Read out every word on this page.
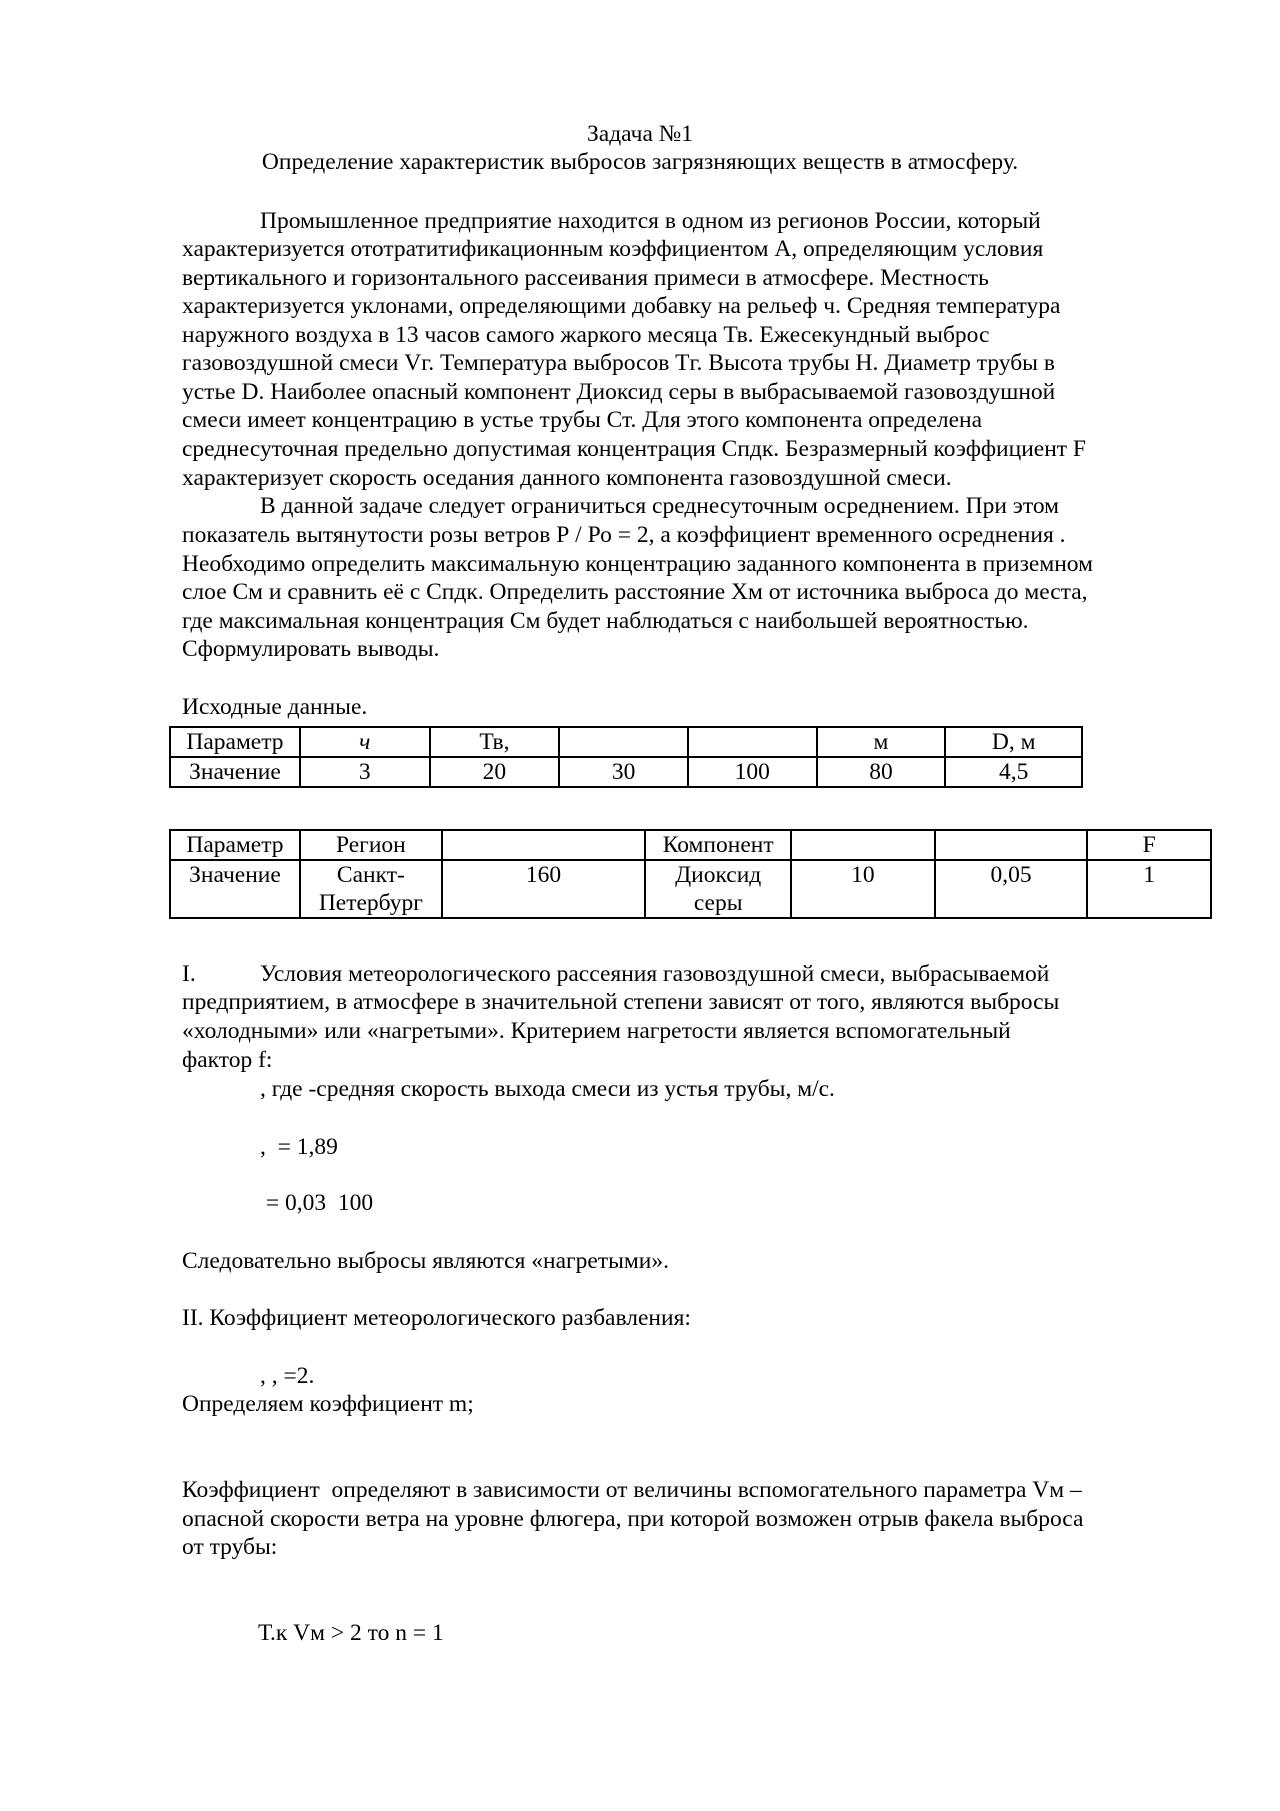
Задача №1
Определение характеристик выбросов загрязняющих веществ в атмосферу.
Промышленное предприятие находится в одном из регионов России, который
характеризуется ототратитификационным коэффициентом А, определяющим условия
вертикального и горизонтального рассеивания примеси в атмосфере. Местность
характеризуется уклонами, определяющими добавку на рельеф ч. Средняя температура
наружного воздуха в 13 часов самого жаркого месяца Тв. Ежесекундный выброс
газовоздушной смеси Vг. Температура выбросов Тг. Высота трубы Н. Диаметр трубы в
устье D. Наиболее опасный компонент Диоксид серы в выбрасываемой газовоздушной
смеси имеет концентрацию в устье трубы Ст. Для этого компонента определена
среднесуточная предельно допустимая концентрация Спдк. Безразмерный коэффициент F
характеризует скорость оседания данного компонента газовоздушной смеси.
В данной задаче следует ограничиться среднесуточным осреднением. При этом
показатель вытянутости розы ветров Р / Ро = 2, а коэффициент временного осреднения .
Необходимо определить максимальную концентрацию заданного компонента в приземном
слое См и сравнить её с Спдк. Определить расстояние Хм от источника выброса до места,
где максимальная концентрация См будет наблюдаться с наибольшей вероятностью.
Сформулировать выводы.
Исходные данные.
Параметр	ч	Тв,			м	D, м
Значение	3	20	30	100	80	4,5
Параметр	Регион		Компонент			F
Значение	Санкт-Петербург	160	Диоксид серы	10	0,05	1
I.	Условия метеорологического рассеяния газовоздушной смеси, выбрасываемой
предприятием, в атмосфере в значительной степени зависят от того, являются выбросы
«холодными» или «нагретыми». Критерием нагретости является вспомогательный
фактор f:
, где -средняя скорость выхода смеси из устья трубы, м/с.
,  = 1,89
= 0,03  100
Следовательно выбросы являются «нагретыми».
II. Коэффициент метеорологического разбавления:
, , =2.
Определяем коэффициент m;
Коэффициент  определяют в зависимости от величины вспомогательного параметра Vм –
опасной скорости ветра на уровне флюгера, при которой возможен отрыв факела выброса
от трубы:
Т.к Vм > 2 то n = 1
